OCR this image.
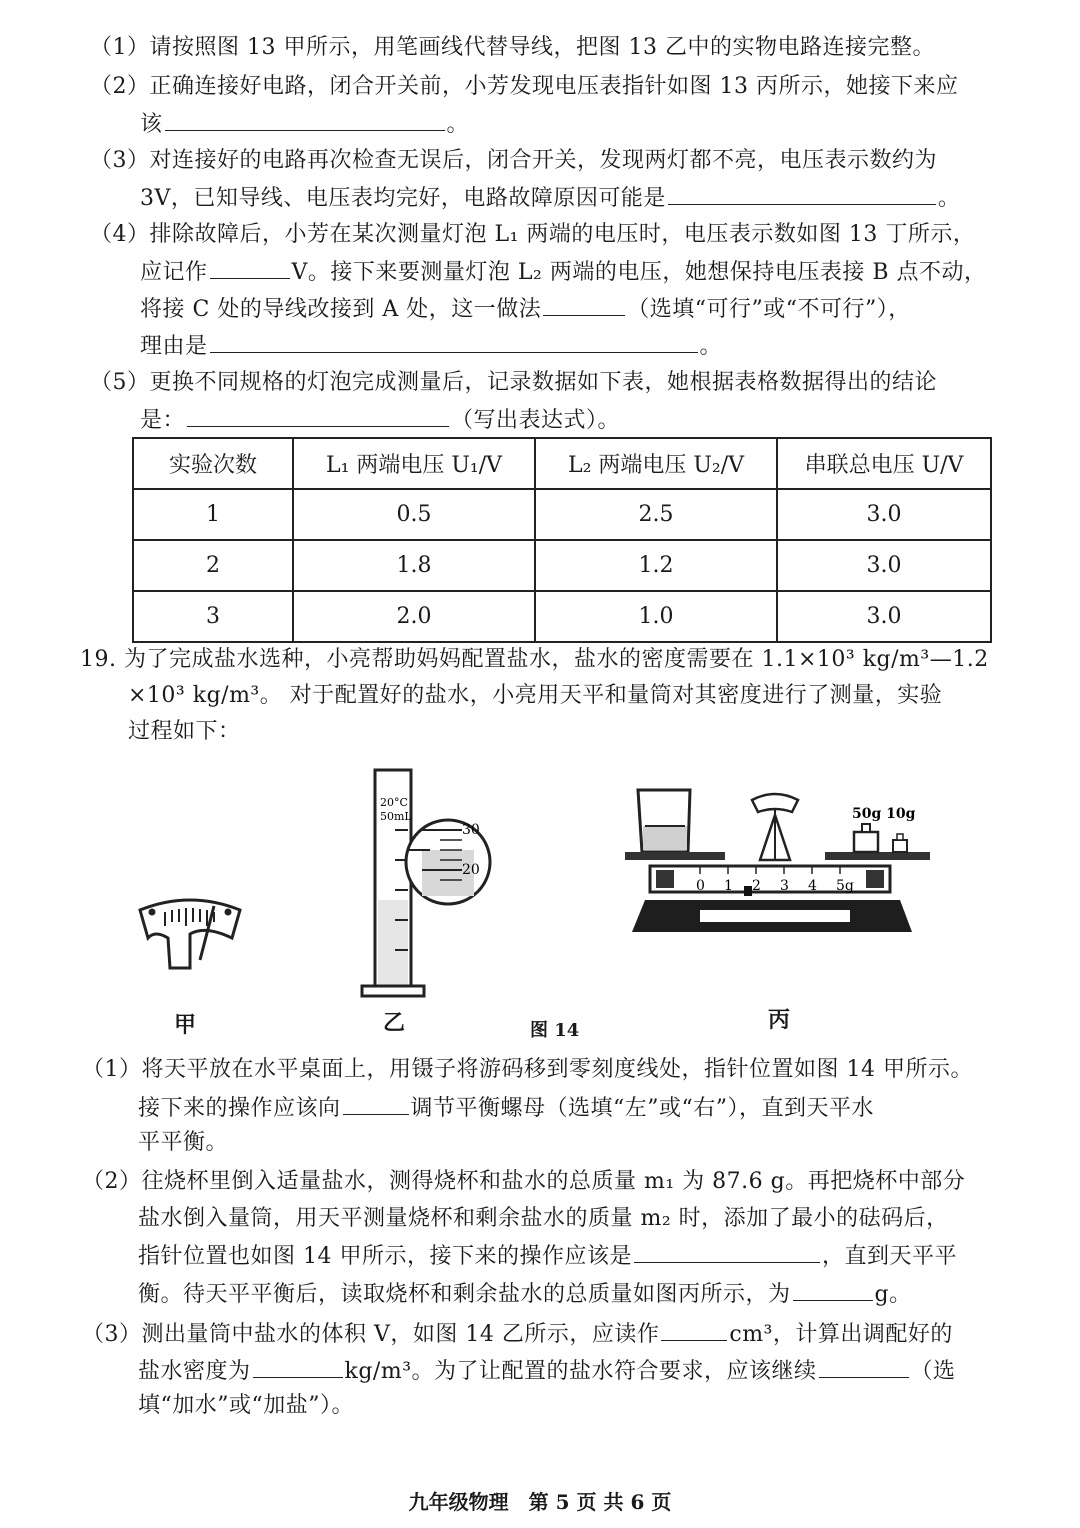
（1）请按照图 13 甲所示，用笔画线代替导线，把图 13 乙中的实物电路连接完整。
（2）正确连接好电路，闭合开关前，小芳发现电压表指针如图 13 丙所示，她接下来应
该	。
（3）对连接好的电路再次检查无误后，闭合开关，发现两灯都不亮，电压表示数约为
3V，已知导线、电压表均完好，电路故障原因可能是	。
（4）排除故障后，小芳在某次测量灯泡 L₁ 两端的电压时，电压表示数如图 13 丁所示，
应记作	V。接下来要测量灯泡 L₂ 两端的电压，她想保持电压表接 B 点不动，
将接 C 处的导线改接到 A 处，这一做法	（选填“可行”或“不可行”），
理由是	。
（5）更换不同规格的灯泡完成测量后，记录数据如下表，她根据表格数据得出的结论
是：	（写出表达式）。
实验次数	L₁ 两端电压 U₁/V	L₂ 两端电压 U₂/V	串联总电压 U/V
1	0.5	2.5	3.0
2	1.8	1.2	3.0
3	2.0	1.0	3.0
19. 为了完成盐水选种，小亮帮助妈妈配置盐水，盐水的密度需要在 1.1×10³ kg/m³—1.2
×10³ kg/m³。 对于配置好的盐水，小亮用天平和量筒对其密度进行了测量，实验
过程如下：
20°C
50mL
30
20
50g 10g
0 1 2 3 4 5g
甲	乙	图 14	丙
（1）将天平放在水平桌面上，用镊子将游码移到零刻度线处，指针位置如图 14 甲所示。
接下来的操作应该向	调节平衡螺母（选填“左”或“右”），直到天平水
平平衡。
（2）往烧杯里倒入适量盐水，测得烧杯和盐水的总质量 m₁ 为 87.6 g。再把烧杯中部分
盐水倒入量筒，用天平测量烧杯和剩余盐水的质量 m₂ 时，添加了最小的砝码后，
指针位置也如图 14 甲所示，接下来的操作应该是	，直到天平平
衡。待天平平衡后，读取烧杯和剩余盐水的总质量如图丙所示，为	g。
（3）测出量筒中盐水的体积 V，如图 14 乙所示，应读作	cm³，计算出调配好的
盐水密度为	kg/m³。为了让配置的盐水符合要求，应该继续	（选
填“加水”或“加盐”）。
九年级物理　第 5 页 共 6 页
